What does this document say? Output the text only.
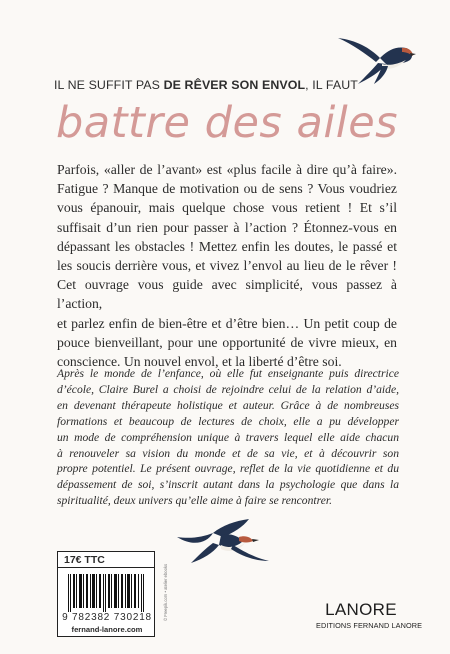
IL NE SUFFIT PAS DE RÊVER SON ENVOL, IL FAUT
battre des ailes
Parfois, «aller de l’avant» est «plus facile à dire qu’à faire».
Fatigue ? Manque de motivation ou de sens ? Vous voudriez
vous épanouir, mais quelque chose vous retient ! Et s’il
suffisait d’un rien pour passer à l’action ? Étonnez-vous en
dépassant les obstacles ! Mettez enfin les doutes, le passé et
les soucis derrière vous, et vivez l’envol au lieu de le rêver !
Cet ouvrage vous guide avec simplicité, vous passez à l’action,
et parlez enfin de bien-être et d’être bien… Un petit coup de
pouce bienveillant, pour une opportunité de vivre mieux, en
conscience. Un nouvel envol, et la liberté d’être soi.
Après le monde de l’enfance, où elle fut enseignante puis directrice
d’école, Claire Burel a choisi de rejoindre celui de la relation d’aide,
en devenant thérapeute holistique et auteur. Grâce à de nombreuses
formations et beaucoup de lectures de choix, elle a pu développer
un mode de compréhension unique à travers lequel elle aide chacun
à renouveler sa vision du monde et de sa vie, et à découvrir son
propre potentiel. Le présent ouvrage, reflet de la vie quotidienne et du
dépassement de soi, s’inscrit autant dans la psychologie que dans la
spiritualité, deux univers qu’elle aime à faire se rencontrer.
17€ TTC
9 782382 730218
fernand-lanore.com
© Freepik.com • atelier ebooks	LANORE
EDITIONS FERNAND LANORE
